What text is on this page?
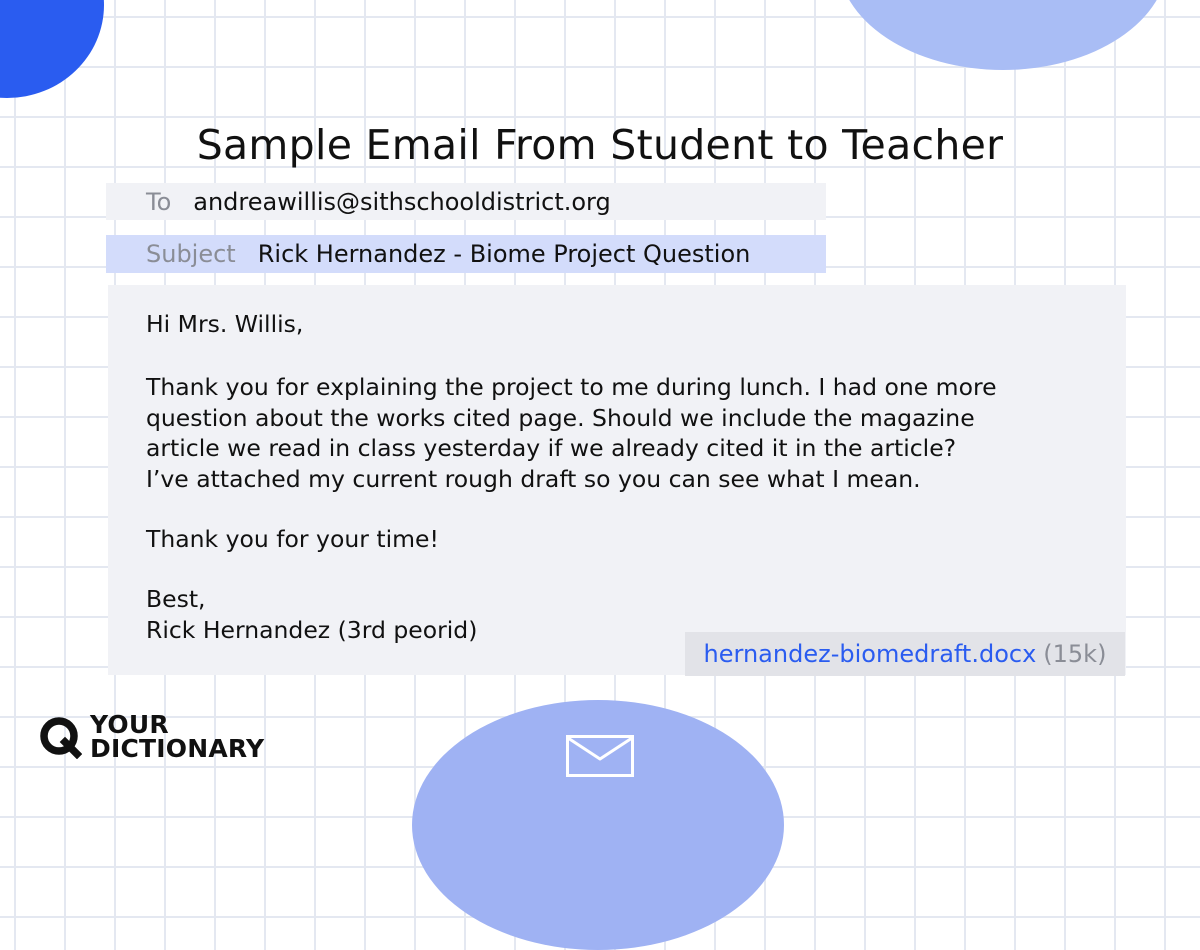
Sample Email From Student to Teacher
To andreawillis@sithschooldistrict.org
Subject Rick Hernandez - Biome Project Question

Hi Mrs. Willis,

Thank you for explaining the project to me during lunch. I had one more
question about the works cited page. Should we include the magazine
article we read in class yesterday if we already cited it in the article?
I’ve attached my current rough draft so you can see what I mean.

Thank you for your time!

Best,

Rick Hernandez (3rd peorid)

hernandez-biomedraft.docx (15k)
YOUR
DICTIONARY
